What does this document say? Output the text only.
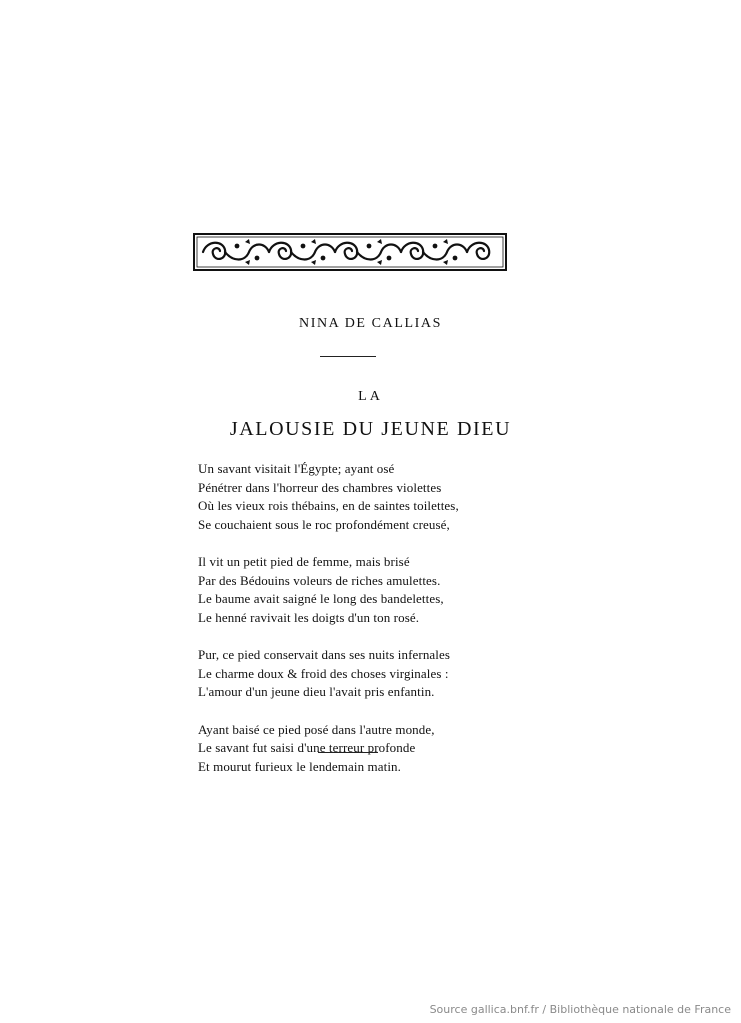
NINA DE CALLIAS
LA
JALOUSIE DU JEUNE DIEU
Un savant visitait l'Égypte; ayant osé
Pénétrer dans l'horreur des chambres violettes
Où les vieux rois thébains, en de saintes toilettes,
Se couchaient sous le roc profondément creusé,
Il vit un petit pied de femme, mais brisé
Par des Bédouins voleurs de riches amulettes.
Le baume avait saigné le long des bandelettes,
Le henné ravivait les doigts d'un ton rosé.
Pur, ce pied conservait dans ses nuits infernales
Le charme doux & froid des choses virginales :
L'amour d'un jeune dieu l'avait pris enfantin.
Ayant baisé ce pied posé dans l'autre monde,
Le savant fut saisi d'une terreur profonde
Et mourut furieux le lendemain matin.
Source gallica.bnf.fr / Bibliothèque nationale de France
